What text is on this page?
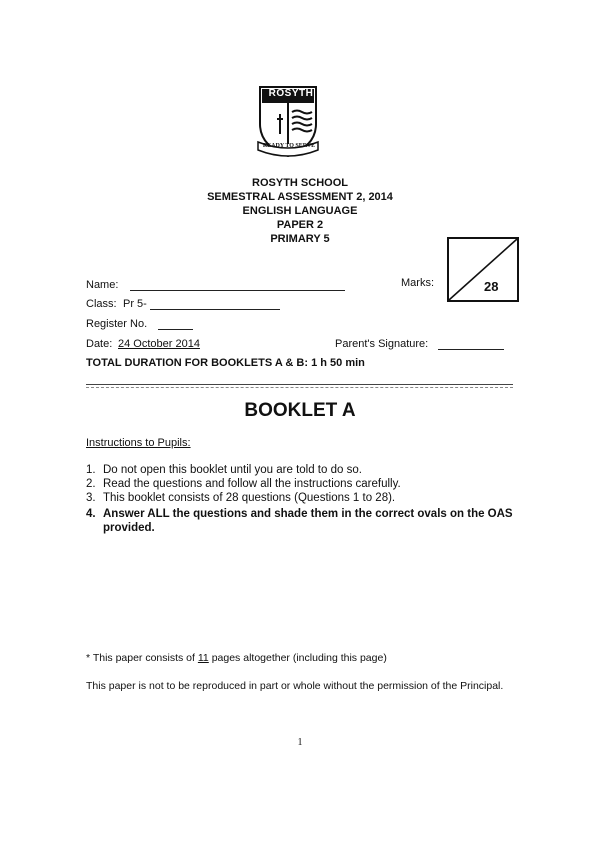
ROSYTH
READY TO SERVE
ROSYTH SCHOOL
SEMESTRAL ASSESSMENT 2, 2014
ENGLISH LANGUAGE
PAPER 2
PRIMARY 5
Marks:	28
Name:
Class: Pr 5-
Register No.
Date: 24 October 2014	Parent's Signature:
TOTAL DURATION FOR BOOKLETS A & B: 1 h 50 min
BOOKLET A
Instructions to Pupils:
1. Do not open this booklet until you are told to do so.
2. Read the questions and follow all the instructions carefully.
3. This booklet consists of 28 questions (Questions 1 to 28).
4. Answer ALL the questions and shade them in the correct ovals on the OAS provided.
* This paper consists of 11 pages altogether (including this page)
This paper is not to be reproduced in part or whole without the permission of the Principal.
1
